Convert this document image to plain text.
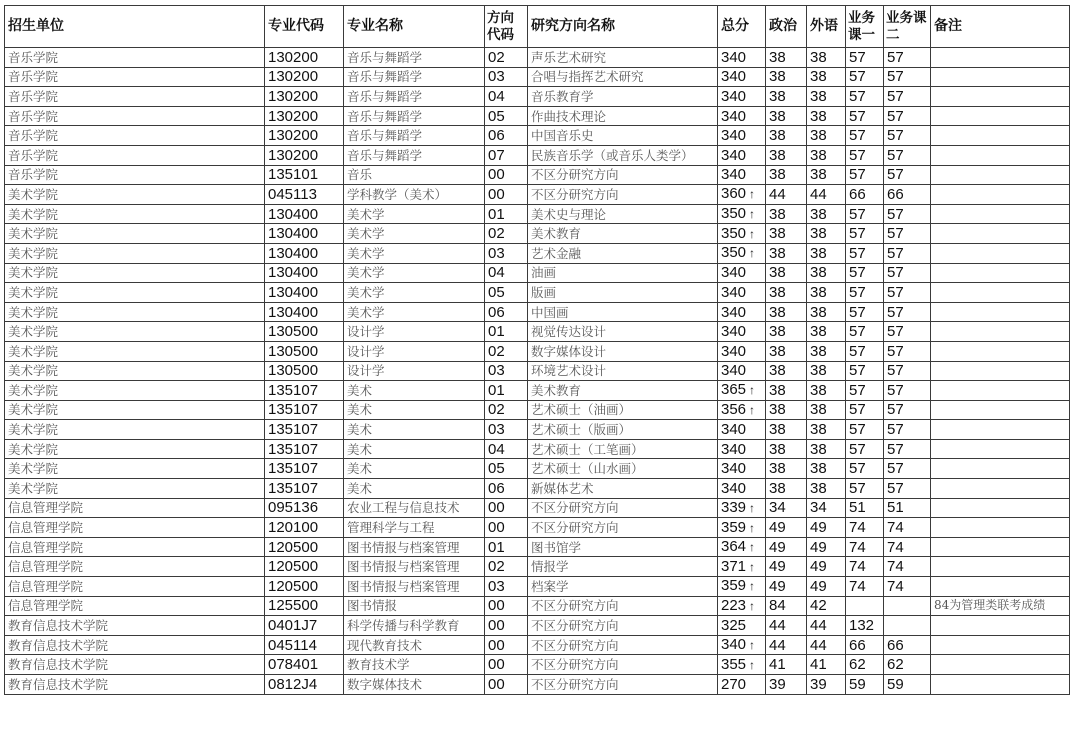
招生单位	专业代码	专业名称	方向代码	研究方向名称	总分	政治	外语	业务课一	业务课二	备注
音乐学院	130200	音乐与舞蹈学	02	声乐艺术研究	340	38	38	57	57	
音乐学院	130200	音乐与舞蹈学	03	合唱与指挥艺术研究	340	38	38	57	57	
音乐学院	130200	音乐与舞蹈学	04	音乐教育学	340	38	38	57	57	
音乐学院	130200	音乐与舞蹈学	05	作曲技术理论	340	38	38	57	57	
音乐学院	130200	音乐与舞蹈学	06	中国音乐史	340	38	38	57	57	
音乐学院	130200	音乐与舞蹈学	07	民族音乐学（或音乐人类学）	340	38	38	57	57	
音乐学院	135101	音乐	00	不区分研究方向	340	38	38	57	57	
美术学院	045113	学科教学（美术）	00	不区分研究方向	360 ↑	44	44	66	66	
美术学院	130400	美术学	01	美术史与理论	350 ↑	38	38	57	57	
美术学院	130400	美术学	02	美术教育	350 ↑	38	38	57	57	
美术学院	130400	美术学	03	艺术金融	350 ↑	38	38	57	57	
美术学院	130400	美术学	04	油画	340	38	38	57	57	
美术学院	130400	美术学	05	版画	340	38	38	57	57	
美术学院	130400	美术学	06	中国画	340	38	38	57	57	
美术学院	130500	设计学	01	视觉传达设计	340	38	38	57	57	
美术学院	130500	设计学	02	数字媒体设计	340	38	38	57	57	
美术学院	130500	设计学	03	环境艺术设计	340	38	38	57	57	
美术学院	135107	美术	01	美术教育	365 ↑	38	38	57	57	
美术学院	135107	美术	02	艺术硕士（油画）	356 ↑	38	38	57	57	
美术学院	135107	美术	03	艺术硕士（版画）	340	38	38	57	57	
美术学院	135107	美术	04	艺术硕士（工笔画）	340	38	38	57	57	
美术学院	135107	美术	05	艺术硕士（山水画）	340	38	38	57	57	
美术学院	135107	美术	06	新媒体艺术	340	38	38	57	57	
信息管理学院	095136	农业工程与信息技术	00	不区分研究方向	339 ↑	34	34	51	51	
信息管理学院	120100	管理科学与工程	00	不区分研究方向	359 ↑	49	49	74	74	
信息管理学院	120500	图书情报与档案管理	01	图书馆学	364 ↑	49	49	74	74	
信息管理学院	120500	图书情报与档案管理	02	情报学	371 ↑	49	49	74	74	
信息管理学院	120500	图书情报与档案管理	03	档案学	359 ↑	49	49	74	74	
信息管理学院	125500	图书情报	00	不区分研究方向	223 ↑	84	42			84为管理类联考成绩
教育信息技术学院	0401J7	科学传播与科学教育	00	不区分研究方向	325	44	44	132		
教育信息技术学院	045114	现代教育技术	00	不区分研究方向	340 ↑	44	44	66	66	
教育信息技术学院	078401	教育技术学	00	不区分研究方向	355 ↑	41	41	62	62	
教育信息技术学院	0812J4	数字媒体技术	00	不区分研究方向	270	39	39	59	59	
